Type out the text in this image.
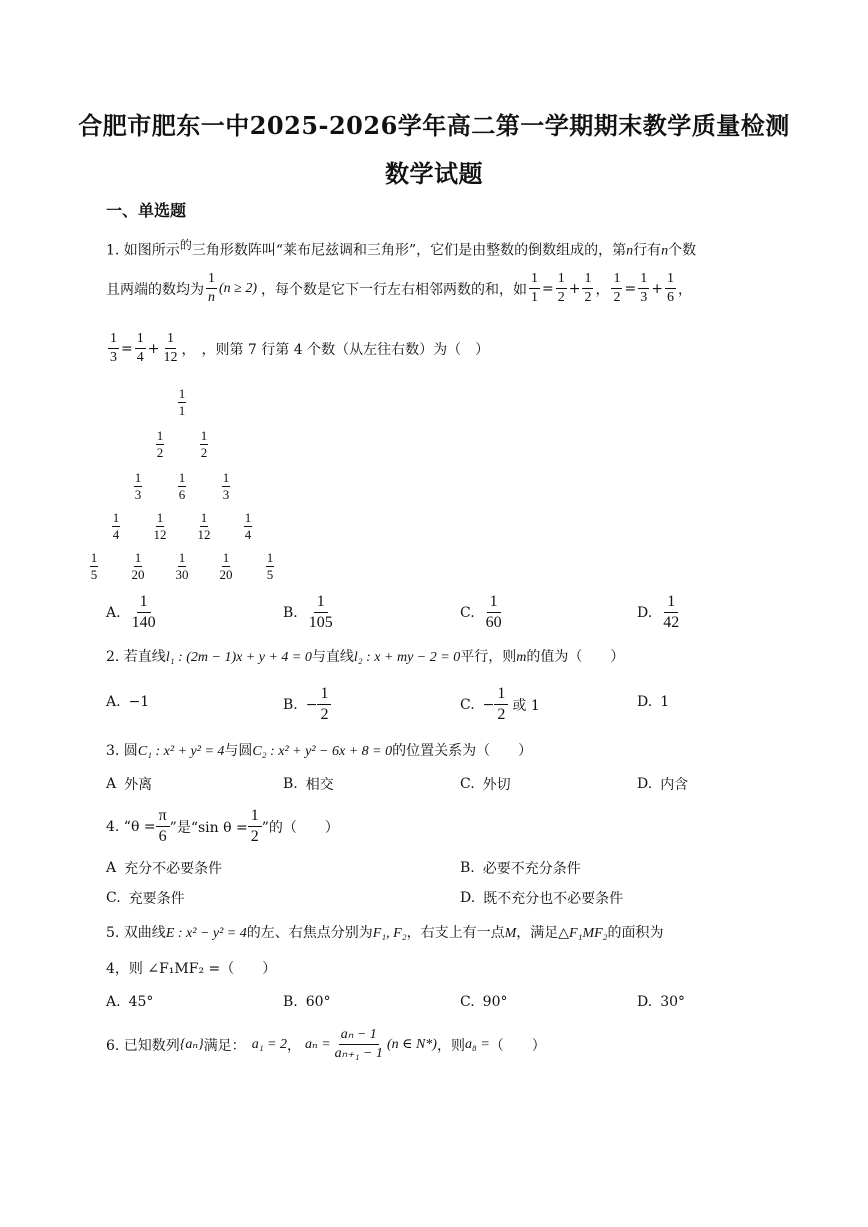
合肥市肥东一中2025-2026学年高二第一学期期末教学质量检测
数学试题
一、单选题
1. 如图所示的三角形数阵叫“莱布尼兹调和三角形”，它们是由整数的倒数组成的，第n行有n个数
且两端的数均为 $\frac{1}{n} (n \ge 2)$ ，每个数是它下一行左右相邻两数的和，如 $\frac{1}{1} = \frac{1}{2} + \frac{1}{2}$ ， $\frac{1}{2} = \frac{1}{3} + \frac{1}{6}$ ，
$\frac{1}{3} = \frac{1}{4} + \frac{1}{12}$ ， ，则第 7 行第 4 个数（从左往右数）为（　）
$\frac{1}{1}$
$\frac{1}{2} \frac{1}{2}$
$\frac{1}{3} \frac{1}{6} \frac{1}{3}$
$\frac{1}{4} \frac{1}{12} \frac{1}{12} \frac{1}{4}$
$\frac{1}{5} \frac{1}{20} \frac{1}{30} \frac{1}{20} \frac{1}{5}$
A. $\frac{1}{140}$	B. $\frac{1}{105}$	C. $\frac{1}{60}$	D. $\frac{1}{42}$
2. 若直线l₁ : (2m − 1)x + y + 4 = 0与直线l₂ : x + my − 2 = 0平行，则m的值为（　　）
A. −1	B. − $\frac{1}{2}$	C. − $\frac{1}{2}$ 或 1	D. 1
3. 圆C₁ : x² + y² = 4与圆C₂ : x² + y² − 6x + 8 = 0的位置关系为（　　）
A 外离	B. 相交	C. 外切	D. 内含
4. “$\theta = \frac{\pi}{6}$ ”是“sin $\theta = \frac{1}{2}$ ”的（　　）
A 充分不必要条件	B. 必要不充分条件
C. 充要条件	D. 既不充分也不必要条件
5. 双曲线E : x² − y² = 4的左、右焦点分别为F₁, F₂，右支上有一点M，满足△F₁MF₂的面积为
4，则 ∠F₁MF₂ =（　　）
A. 45°	B. 60°	C. 90°	D. 30°
6. 已知数列 {aₙ} 满足： a₁ = 2 ， $a_n = \frac{\text{aₙ − 1}}{\text{aₙ₊₁ − 1}} (n$ ∈ N*) ，则 a₈ = （　　）
